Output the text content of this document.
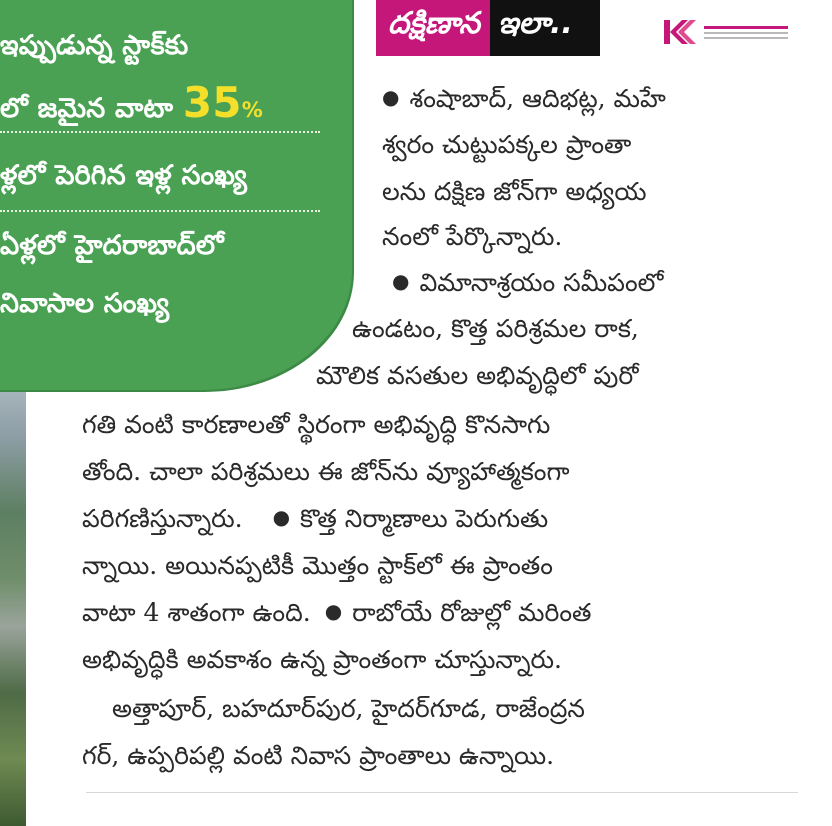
ఇప్పుడున్న స్టాక్‌కు
లో జమైన వాటా 35%
ళ్లలో పెరిగిన ఇళ్ల సంఖ్య
ఏళ్లలో హైదరాబాద్‌లో
నివాసాల సంఖ్య
దక్షిణాన ఇలా..
● శంషాబాద్, ఆదిభట్ల, మహే
శ్వరం చుట్టుపక్కల ప్రాంతా
లను దక్షిణ జోన్‌గా అధ్యయ
నంలో పేర్కొన్నారు.
● విమానాశ్రయం సమీపంలో
ఉండటం, కొత్త పరిశ్రమల రాక,
మౌలిక వసతుల అభివృద్ధిలో పురో
గతి వంటి కారణాలతో స్థిరంగా అభివృద్ధి కొనసాగు
తోంది. చాలా పరిశ్రమలు ఈ జోన్‌ను వ్యూహాత్మకంగా
పరిగణిస్తున్నారు. ● కొత్త నిర్మాణాలు పెరుగుతు
న్నాయి. అయినప్పటికీ మొత్తం స్టాక్‌లో ఈ ప్రాంతం
వాటా 4 శాతంగా ఉంది. ● రాబోయే రోజుల్లో మరింత
అభివృద్ధికి అవకాశం ఉన్న ప్రాంతంగా చూస్తున్నారు.
అత్తాపూర్, బహదూర్‌పుర, హైదర్‌గూడ, రాజేంద్రన
గర్, ఉప్పరిపల్లి వంటి నివాస ప్రాంతాలు ఉన్నాయి.
